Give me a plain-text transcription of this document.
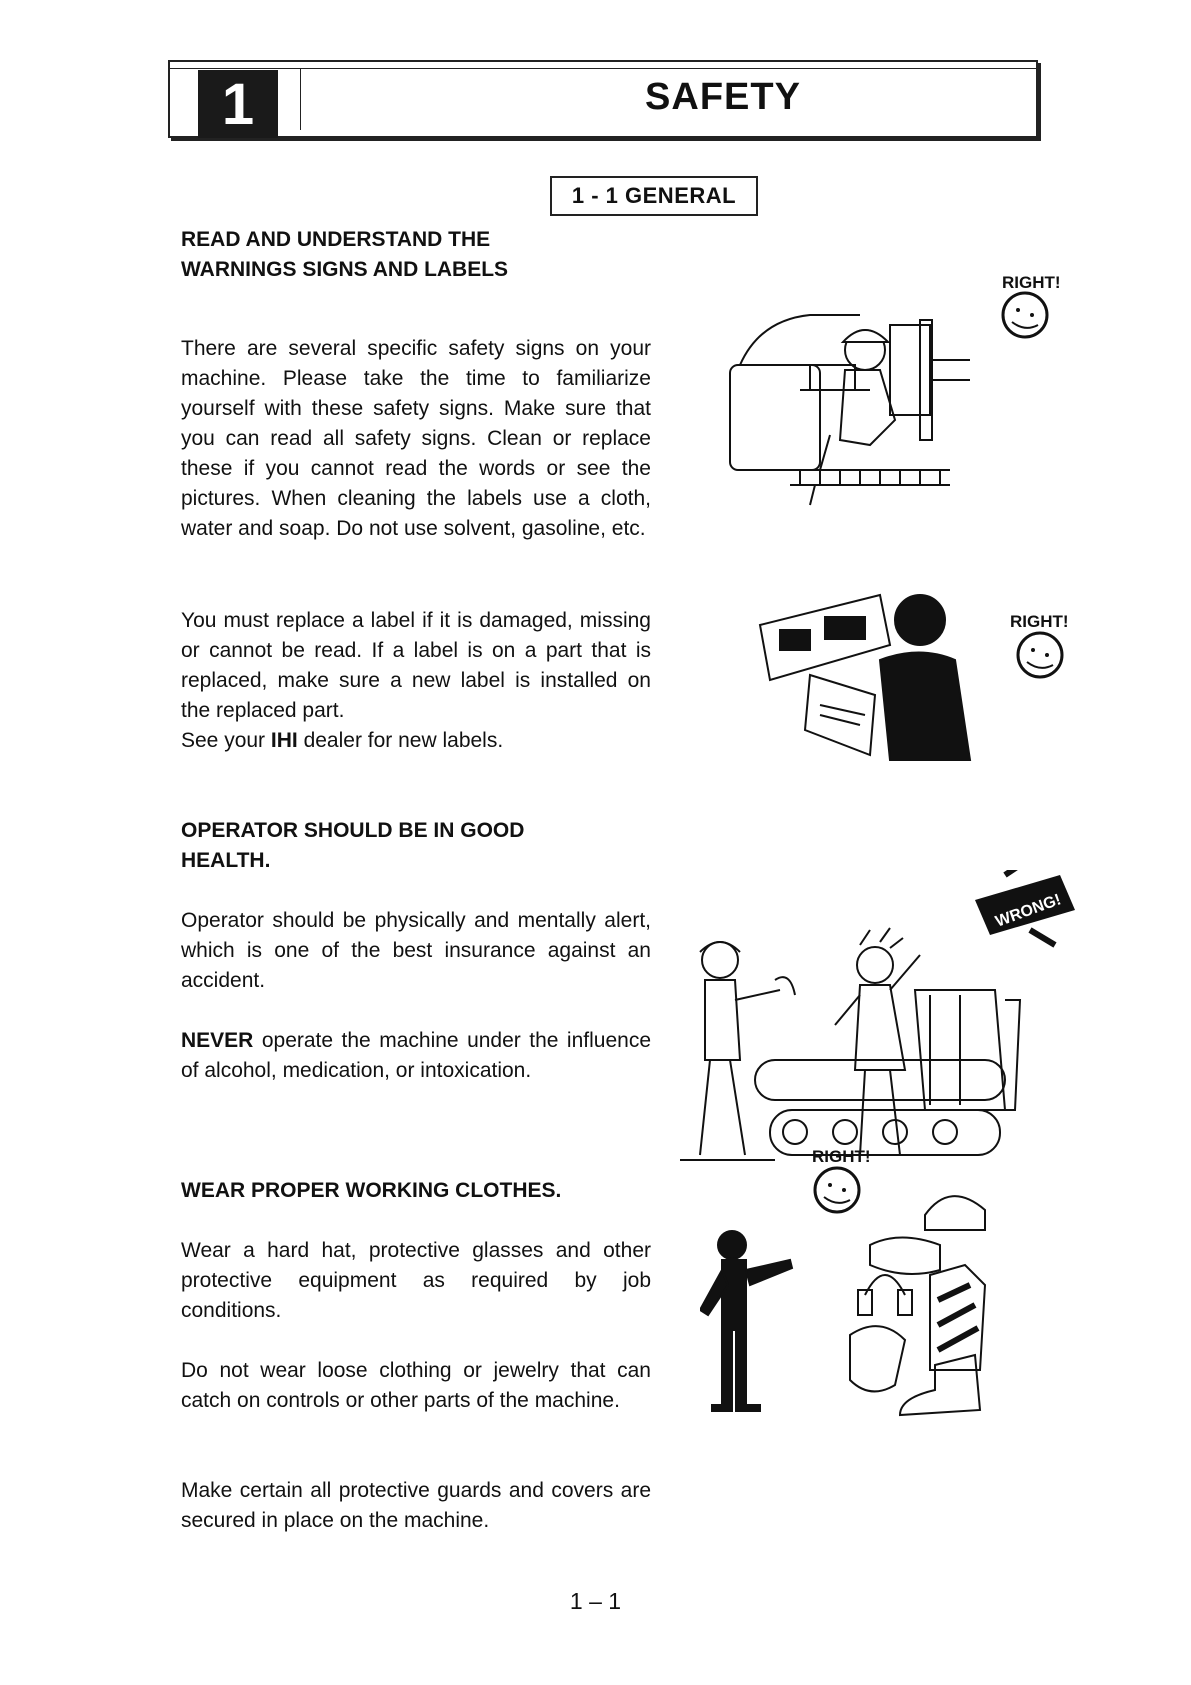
1	SAFETY
1 - 1 GENERAL
READ AND UNDERSTAND THE
WARNINGS SIGNS AND LABELS
There are several specific safety signs on your machine. Please take the time to familiarize yourself with these safety signs. Make sure that you can read all safety signs. Clean or replace these if you cannot read the words or see the pictures. When cleaning the labels use a cloth, water and soap. Do not use solvent, gasoline, etc.
You must replace a label if it is damaged, missing or cannot be read. If a label is on a part that is replaced, make sure a new label is installed on the replaced part.
See your IHI dealer for new labels.
OPERATOR SHOULD BE IN GOOD
HEALTH.
Operator should be physically and mentally alert, which is one of the best insurance against an accident.
NEVER operate the machine under the influence of alcohol, medication, or intoxication.
WEAR PROPER WORKING CLOTHES.
Wear a hard hat, protective glasses and other protective equipment as required by job conditions.
Do not wear loose clothing or jewelry that can catch on controls or other parts of the machine.
Make certain all protective guards and covers are secured in place on the machine.
RIGHT!
RIGHT!
WRONG!
RIGHT!
1 – 1
